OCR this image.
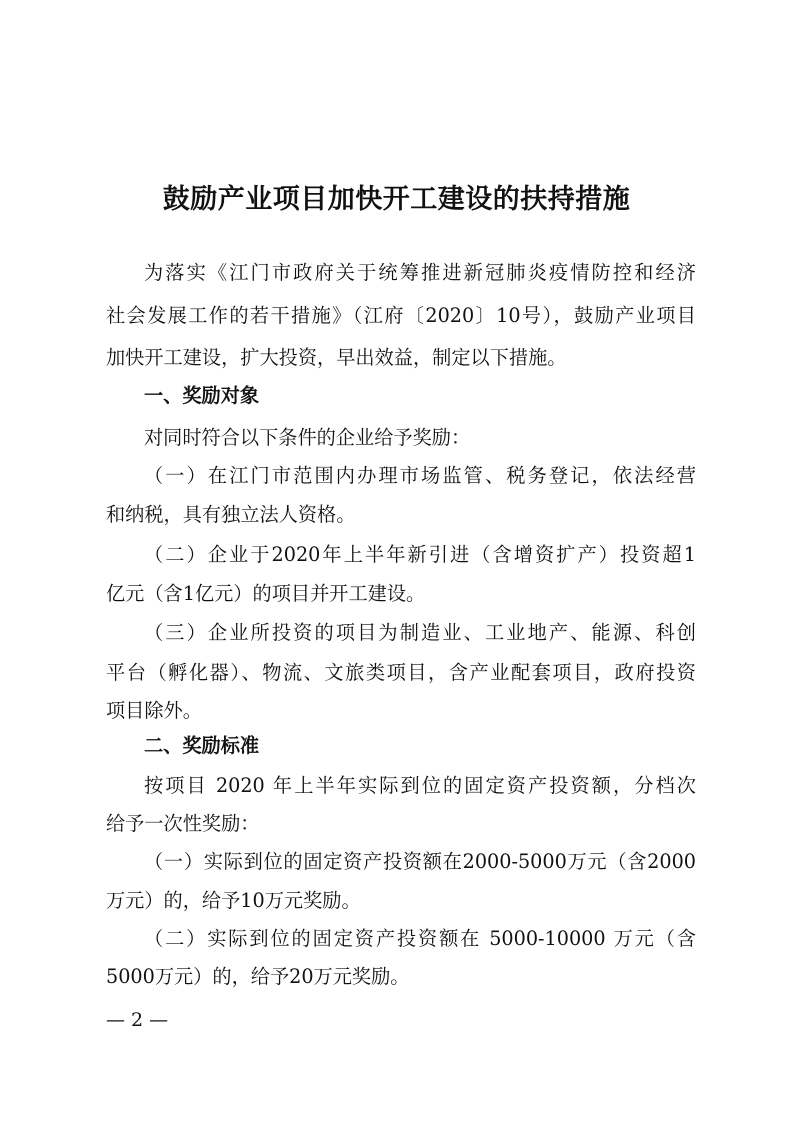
鼓励产业项目加快开工建设的扶持措施
为落实《江门市政府关于统筹推进新冠肺炎疫情防控和经济
社会发展工作的若干措施》（江府〔2020〕10号），鼓励产业项目
加快开工建设，扩大投资，早出效益，制定以下措施。
一、奖励对象
对同时符合以下条件的企业给予奖励：
（一）在江门市范围内办理市场监管、税务登记，依法经营
和纳税，具有独立法人资格。
（二）企业于2020年上半年新引进（含增资扩产）投资超1
亿元（含1亿元）的项目并开工建设。
（三）企业所投资的项目为制造业、工业地产、能源、科创
平台（孵化器）、物流、文旅类项目，含产业配套项目，政府投资
项目除外。
二、奖励标准
按项目 2020 年上半年实际到位的固定资产投资额，分档次
给予一次性奖励：
（一）实际到位的固定资产投资额在2000-5000万元（含2000
万元）的，给予10万元奖励。
（二）实际到位的固定资产投资额在 5000-10000 万元（含
5000万元）的，给予20万元奖励。
— 2 —
